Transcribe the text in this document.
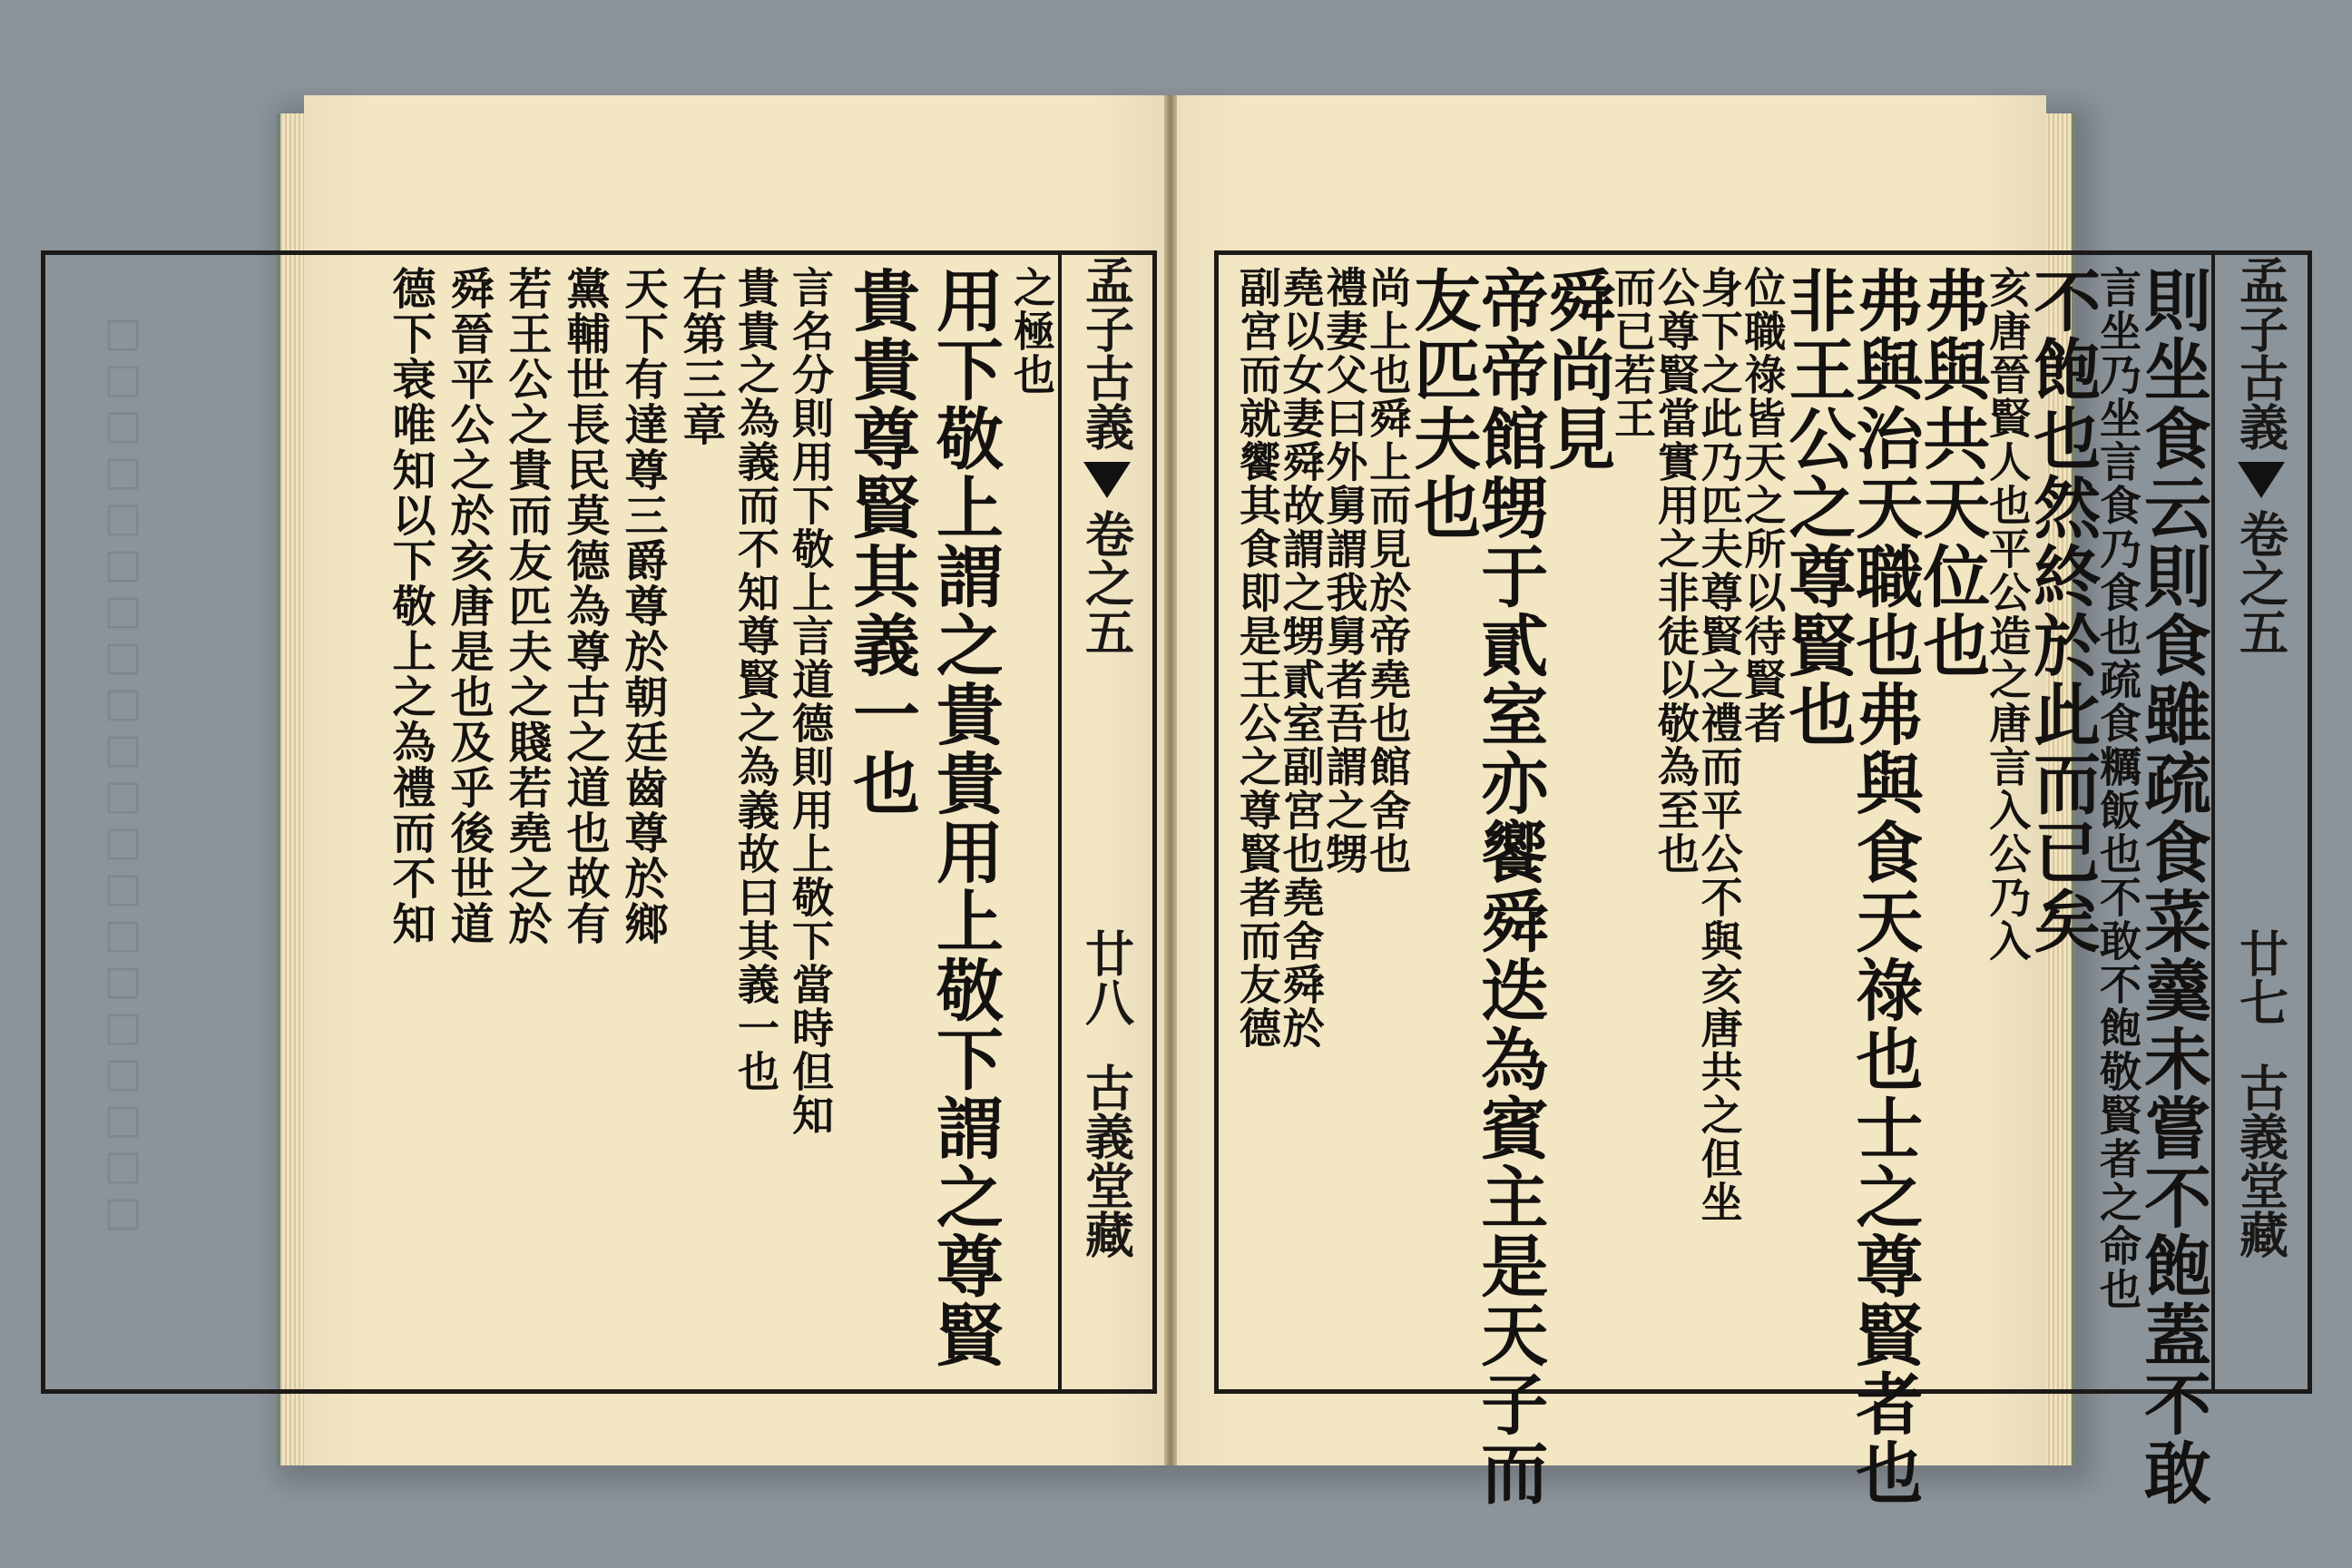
□□□□□□□□□□□□□□□□□□□□	之極也
用下敬上謂之貴貴用上敬下謂之尊賢
貴貴尊賢其義一也
言名分則用下敬上言道德則用上敬下當時但知
貴貴之為義而不知尊賢之為義故曰其義一也
右第三章
天下有達尊三爵尊於朝廷齒尊於鄉
黨輔世長民莫德為尊古之道也故有
若王公之貴而友匹夫之賤若堯之於
舜晉平公之於亥唐是也及乎後世道
德下衰唯知以下敬上之為禮而不知	孟子古義
卷之五
廿八
古義堂藏	則坐食云則食雖疏食菜羹未嘗不飽蓋不敢
言坐乃坐言食乃食也疏食糲飯也不敢不飽敬賢者之命也
不飽也然終於此而已矣
亥唐晉賢人也平公造之唐言入公乃入
弗與共天位也
弗與治天職也弗與食天祿也士之尊賢者也
非王公之尊賢也
位職祿皆天之所以待賢者
身下之此乃匹夫尊賢之禮而平公不與亥唐共之但坐
公尊賢當實用之非徒以敬為至也
而已若王
舜尚見
帝帝館甥于貳室亦饗舜迭為賓主是天子而
友匹夫也
尚上也舜上而見於帝堯也館舍也
禮妻父曰外舅謂我舅者吾謂之甥
堯以女妻舜故謂之甥貳室副宮也堯舍舜於
副宮而就饗其食即是王公之尊賢者而友德	孟子古義
卷之五
廿七
古義堂藏
